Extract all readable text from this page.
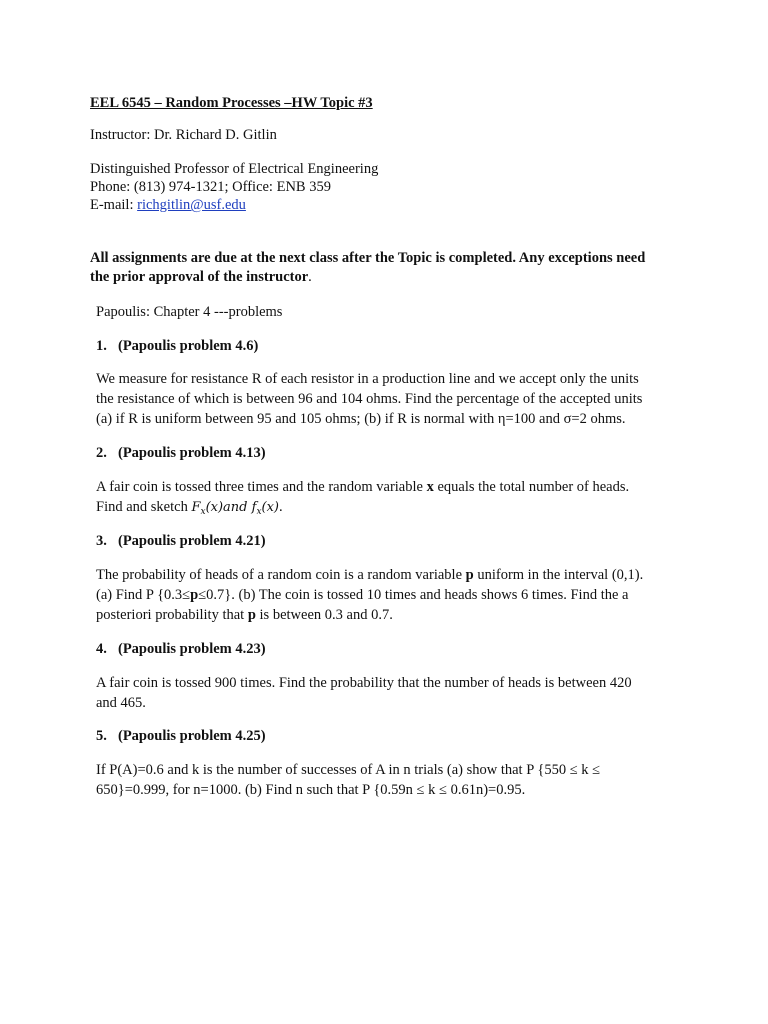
EEL 6545 – Random Processes –HW Topic #3
Instructor: Dr. Richard D. Gitlin
Distinguished Professor of Electrical Engineering
Phone: (813) 974-1321; Office: ENB 359
E-mail: richgitlin@usf.edu
All assignments are due at the next class after the Topic is completed. Any exceptions need
the prior approval of the instructor.
Papoulis: Chapter 4 ---problems
1. (Papoulis problem 4.6)
We measure for resistance R of each resistor in a production line and we accept only the units
the resistance of which is between 96 and 104 ohms. Find the percentage of the accepted units
(a) if R is uniform between 95 and 105 ohms; (b) if R is normal with η=100 and σ=2 ohms.
2. (Papoulis problem 4.13)
A fair coin is tossed three times and the random variable x equals the total number of heads.
Find and sketch $F_x(x)and$ $f_x(x)$.
3. (Papoulis problem 4.21)
The probability of heads of a random coin is a random variable p uniform in the interval (0,1).
(a) Find P {0.3≤p≤0.7}. (b) The coin is tossed 10 times and heads shows 6 times. Find the a
posteriori probability that p is between 0.3 and 0.7.
4. (Papoulis problem 4.23)
A fair coin is tossed 900 times. Find the probability that the number of heads is between 420
and 465.
5. (Papoulis problem 4.25)
If P(A)=0.6 and k is the number of successes of A in n trials (a) show that P {550 ≤ k ≤
650}=0.999, for n=1000. (b) Find n such that P {0.59n ≤ k ≤ 0.61n)=0.95.
